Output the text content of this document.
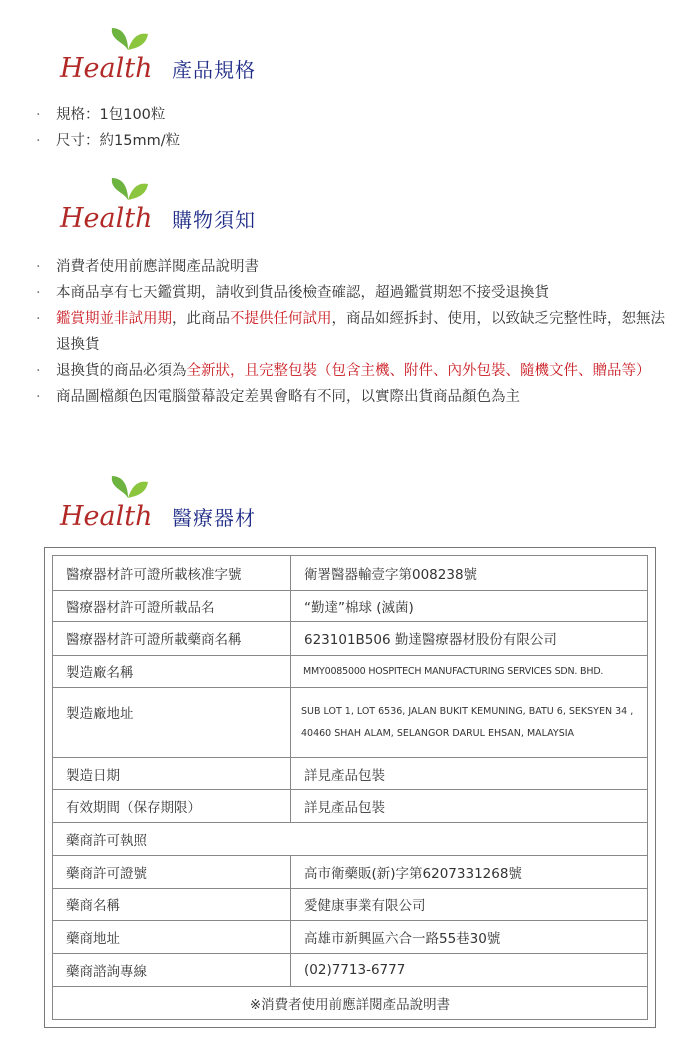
Health 產品規格
· 規格：1包100粒
· 尺寸：約15mm/粒
Health 購物須知
· 消費者使用前應詳閱產品說明書
· 本商品享有七天鑑賞期，請收到貨品後檢查確認，超過鑑賞期恕不接受退換貨
· 鑑賞期並非試用期，此商品不提供任何試用，商品如經拆封、使用，以致缺乏完整性時，恕無法退換貨
· 退換貨的商品必須為全新狀，且完整包裝（包含主機、附件、內外包裝、隨機文件、贈品等）
· 商品圖檔顏色因電腦螢幕設定差異會略有不同，以實際出貨商品顏色為主
Health 醫療器材
醫療器材許可證所載核准字號	衛署醫器輸壹字第008238號
醫療器材許可證所載品名	“勤達”棉球 (滅菌)
醫療器材許可證所載藥商名稱	623101B506 勤達醫療器材股份有限公司
製造廠名稱	MMY0085000 HOSPITECH MANUFACTURING SERVICES SDN. BHD.
製造廠地址	SUB LOT 1, LOT 6536, JALAN BUKIT KEMUNING, BATU 6, SEKSYEN 34 , 40460 SHAH ALAM, SELANGOR DARUL EHSAN, MALAYSIA
製造日期	詳見產品包裝
有效期間（保存期限）	詳見產品包裝
藥商許可執照	
藥商許可證號	高市衛藥販(新)字第6207331268號
藥商名稱	愛健康事業有限公司
藥商地址	高雄市新興區六合一路55巷30號
藥商諮詢專線	(02)7713-6777
※消費者使用前應詳閱產品說明書	
